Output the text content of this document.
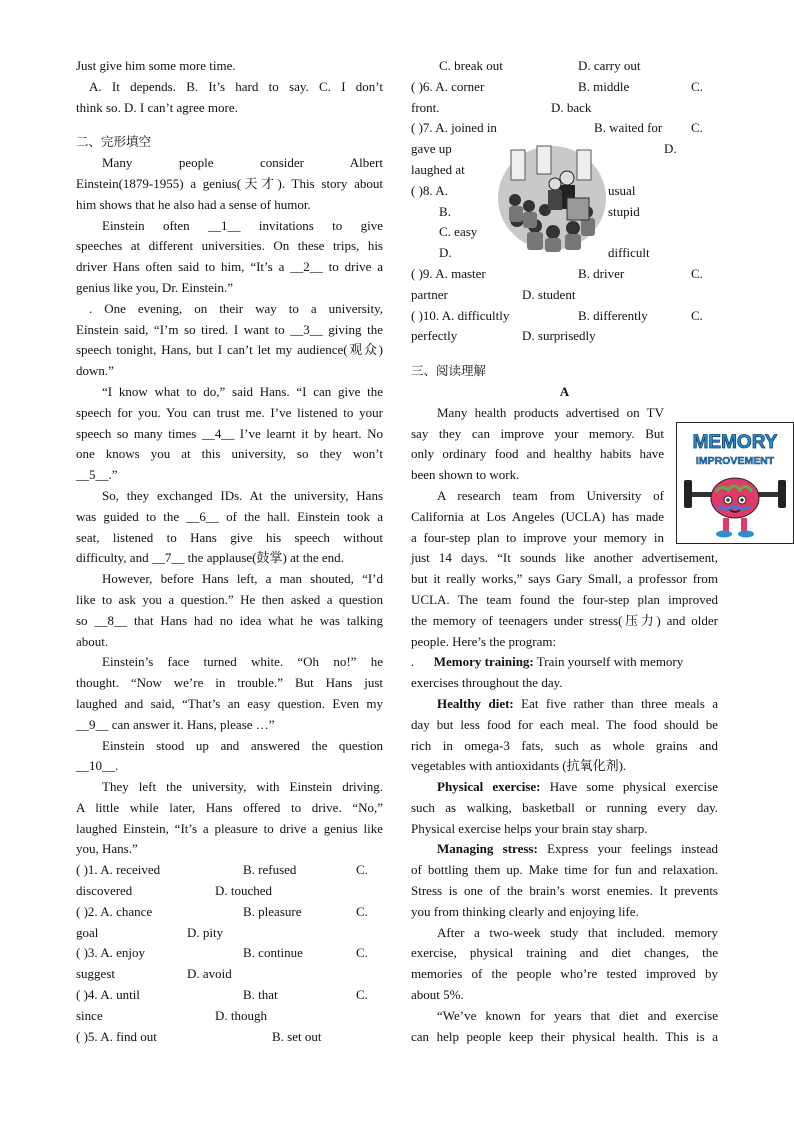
Just give him some more time.
A. It depends. B. It’s hard to say. C. I don’t
think so. D. I can’t agree more.
二、完形填空
Many people consider Albert
Einstein(1879-1955) a genius(天才). This story about
him shows that he also had a sense of humor.
Einstein often __1__ invitations to give
speeches at different universities. On these trips, his
driver Hans often said to him, “It’s a __2__ to drive a
genius like you, Dr. Einstein.”
. One evening, on their way to a university,
Einstein said, “I’m so tired. I want to __3__ giving the
speech tonight, Hans, but I can’t let my audience(观众)
down.”
“I know what to do,” said Hans. “I can give the
speech for you. You can trust me. I’ve listened to your
speech so many times __4__ I’ve learnt it by heart. No
one knows you at this university, so they won’t
__5__.”
So, they exchanged IDs. At the university, Hans
was guided to the __6__ of the hall. Einstein took a
seat, listened to Hans give his speech without
difficulty, and __7__ the applause(鼓掌) at the end.
However, before Hans left, a man shouted, “I’d
like to ask you a question.” He then asked a question
so __8__ that Hans had no idea what he was talking
about.
Einstein’s face turned white. “Oh no!” he
thought. “Now we’re in trouble.” But Hans just
laughed and said, “That’s an easy question. Even my
__9__ can answer it. Hans, please …”
Einstein stood up and answered the question
__10__.
They left the university, with Einstein driving.
A little while later, Hans offered to drive. “No,”
laughed Einstein, “It’s a pleasure to drive a genius like
you, Hans.”
( )1. A. received	B. refused	C.
discovered	D. touched
( )2. A. chance	B. pleasure	C.
goal	D. pity
( )3. A. enjoy	B. continue	C.
suggest	D. avoid
( )4. A. until	B. that	C.
since	D. though
( )5. A. find out	B. set out
C. break out	D. carry out
( )6. A. corner	B. middle	C.
front.	D. back
( )7. A. joined in	B. waited for C.
gave up	D.
laughed at
( )8. A.	usual
B.	stupid
C. easy
D.	difficult
( )9. A. master	B. driver	C.
partner	D. student
( )10. A. difficultly	B. differently	C.
perfectly	D. surprisedly
三、阅读理解
A
Many health products advertised on TV
say they can improve your memory. But
only ordinary food and healthy habits have
been shown to work.
A research team from University of
California at Los Angeles (UCLA) has made
a four-step plan to improve your memory in
just 14 days. “It sounds like another advertisement,
but it really works,” says Gary Small, a professor from
UCLA. The team found the four-step plan improved
the memory of teenagers under stress(压力) and older
people. Here’s the program:
.      Memory training: Train yourself with memory
exercises throughout the day.
Healthy diet: Eat five rather than three meals a
day but less food for each meal. The food should be
rich in omega-3 fats, such as whole grains and
vegetables with antioxidants (抗氧化剂).
Physical exercise: Have some physical exercise
such as walking, basketball or running every day.
Physical exercise helps your brain stay sharp.
Managing stress: Express your feelings instead
of bottling them up. Make time for fun and relaxation.
Stress is one of the brain’s worst enemies. It prevents
you from thinking clearly and enjoying life.
After a two-week study that included. memory
exercise, physical training and diet changes, the
memories of the people who’re tested improved by
about 5%.
“We’ve known for years that diet and exercise
can help people keep their physical health. This is a
MEMORY
IMPROVEMENT
